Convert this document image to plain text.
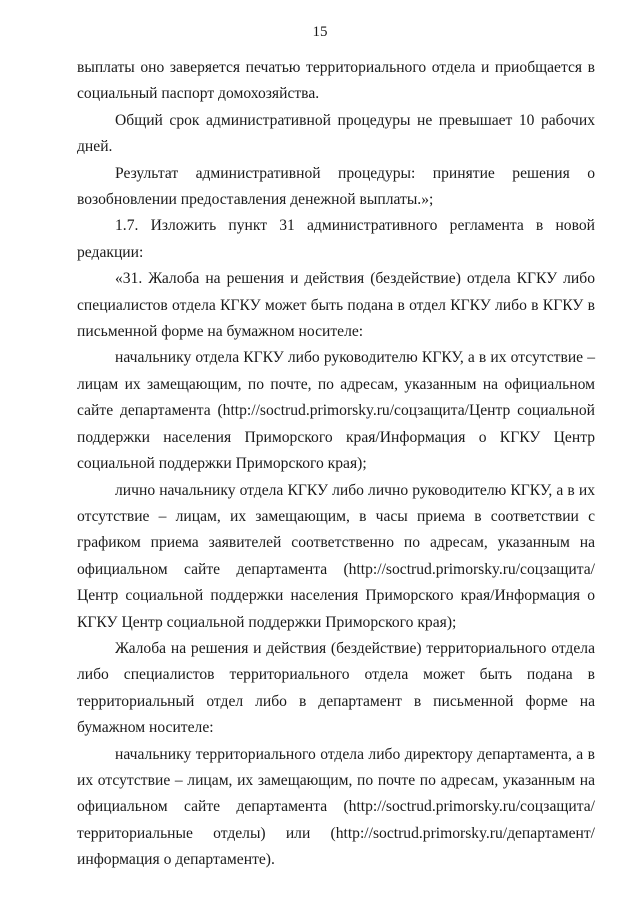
15

выплаты оно заверяется печатью территориального отдела и приобщается в социальный паспорт домохозяйства.

Общий срок административной процедуры не превышает 10 рабочих дней.

Результат административной процедуры: принятие решения о возобновлении предоставления денежной выплаты.»;

1.7. Изложить пункт 31 административного регламента в новой редакции:

«31. Жалоба на решения и действия (бездействие) отдела КГКУ либо специалистов отдела КГКУ может быть подана в отдел КГКУ либо в КГКУ в письменной форме на бумажном носителе:

начальнику отдела КГКУ либо руководителю КГКУ, а в их отсутствие – лицам их замещающим, по почте, по адресам, указанным на официальном сайте департамента (http://soctrud.primorsky.ru/соцзащита/Центр социальной поддержки населения Приморского края/Информация о КГКУ Центр социальной поддержки Приморского края);

лично начальнику отдела КГКУ либо лично руководителю КГКУ, а в их отсутствие – лицам, их замещающим, в часы приема в соответствии с графиком приема заявителей соответственно по адресам, указанным на официальном сайте департамента (http://soctrud.primorsky.ru/соцзащита/Центр социальной поддержки населения Приморского края/Информация о КГКУ Центр социальной поддержки Приморского края);

Жалоба на решения и действия (бездействие) территориального отдела либо специалистов территориального отдела может быть подана в территориальный отдел либо в департамент в письменной форме на бумажном носителе:

начальнику территориального отдела либо директору департамента, а в их отсутствие – лицам, их замещающим, по почте по адресам, указанным на официальном сайте департамента (http://soctrud.primorsky.ru/соцзащита/ территориальные отделы) или (http://soctrud.primorsky.ru/департамент/информация о департаменте).
